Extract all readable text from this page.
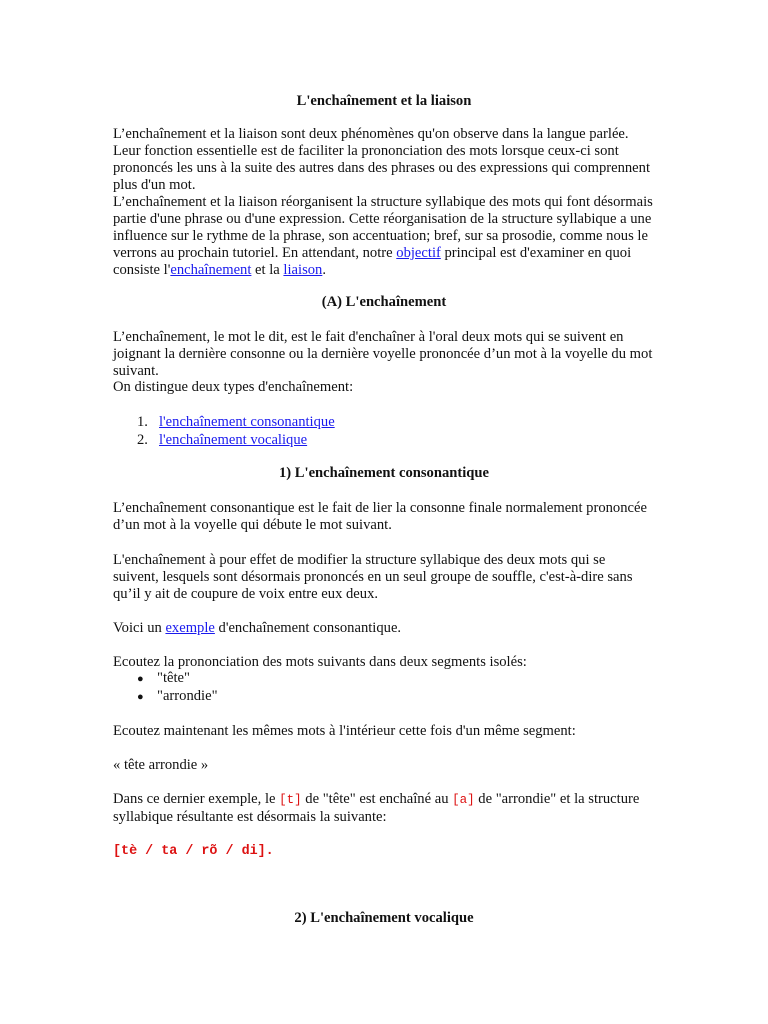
L'enchaînement et la liaison

L’enchaînement et la liaison sont deux phénomènes qu'on observe dans la langue parlée. Leur fonction essentielle est de faciliter la prononciation des mots lorsque ceux-ci sont prononcés les uns à la suite des autres dans des phrases ou des expressions qui comprennent plus d'un mot.

L’enchaînement et la liaison réorganisent la structure syllabique des mots qui font désormais partie d'une phrase ou d'une expression. Cette réorganisation de la structure syllabique a une influence sur le rythme de la phrase, son accentuation; bref, sur sa prosodie, comme nous le verrons au prochain tutoriel. En attendant, notre objectif principal est d'examiner en quoi consiste l'enchaînement et la liaison.

(A) L'enchaînement

L’enchaînement, le mot le dit, est le fait d'enchaîner à l'oral deux mots qui se suivent en joignant la dernière consonne ou la dernière voyelle prononcée d’un mot à la voyelle du mot suivant.

On distingue deux types d'enchaînement:

1. l'enchaînement consonantique
2. l'enchaînement vocalique
1) L'enchaînement consonantique

L’enchaînement consonantique est le fait de lier la consonne finale normalement prononcée d’un mot à la voyelle qui débute le mot suivant.

L'enchaînement à pour effet de modifier la structure syllabique des deux mots qui se suivent, lesquels sont désormais prononcés en un seul groupe de souffle, c'est-à-dire sans qu’il y ait de coupure de voix entre eux deux.

Voici un exemple d'enchaînement consonantique.

Ecoutez la prononciation des mots suivants dans deux segments isolés:

● "tête"
● "arrondie"

Ecoutez maintenant les mêmes mots à l'intérieur cette fois d'un même segment:

« tête arrondie »

Dans ce dernier exemple, le [t] de "tête" est enchaîné au [a] de "arrondie" et la structure syllabique résultante est désormais la suivante:

[tè / ta / rõ / di].

2) L'enchaînement vocalique
